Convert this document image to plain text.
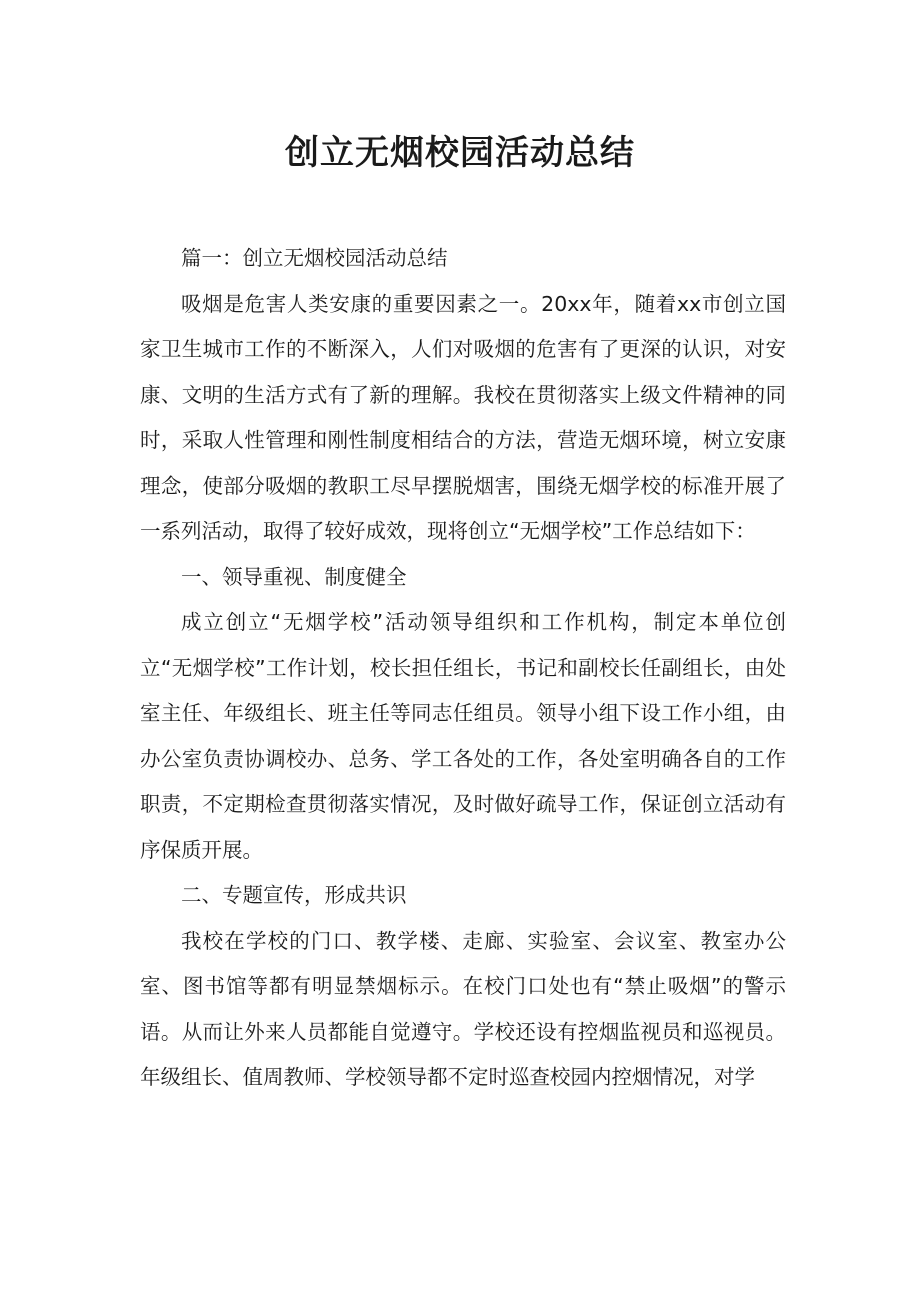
创立无烟校园活动总结

篇一：创立无烟校园活动总结

吸烟是危害人类安康的重要因素之一。20xx年，随着xx市创立国家卫生城市工作的不断深入，人们对吸烟的危害有了更深的认识，对安康、文明的生活方式有了新的理解。我校在贯彻落实上级文件精神的同时，采取人性管理和刚性制度相结合的方法，营造无烟环境，树立安康理念，使部分吸烟的教职工尽早摆脱烟害，围绕无烟学校的标准开展了一系列活动，取得了较好成效，现将创立“无烟学校”工作总结如下：

一、领导重视、制度健全

成立创立“无烟学校”活动领导组织和工作机构，制定本单位创立“无烟学校”工作计划，校长担任组长，书记和副校长任副组长，由处室主任、年级组长、班主任等同志任组员。领导小组下设工作小组，由办公室负责协调校办、总务、学工各处的工作，各处室明确各自的工作职责，不定期检查贯彻落实情况，及时做好疏导工作，保证创立活动有序保质开展。

二、专题宣传，形成共识

我校在学校的门口、教学楼、走廊、实验室、会议室、教室办公室、图书馆等都有明显禁烟标示。在校门口处也有“禁止吸烟”的警示语。从而让外来人员都能自觉遵守。学校还设有控烟监视员和巡视员。年级组长、值周教师、学校领导都不定时巡查校园内控烟情况，对学
